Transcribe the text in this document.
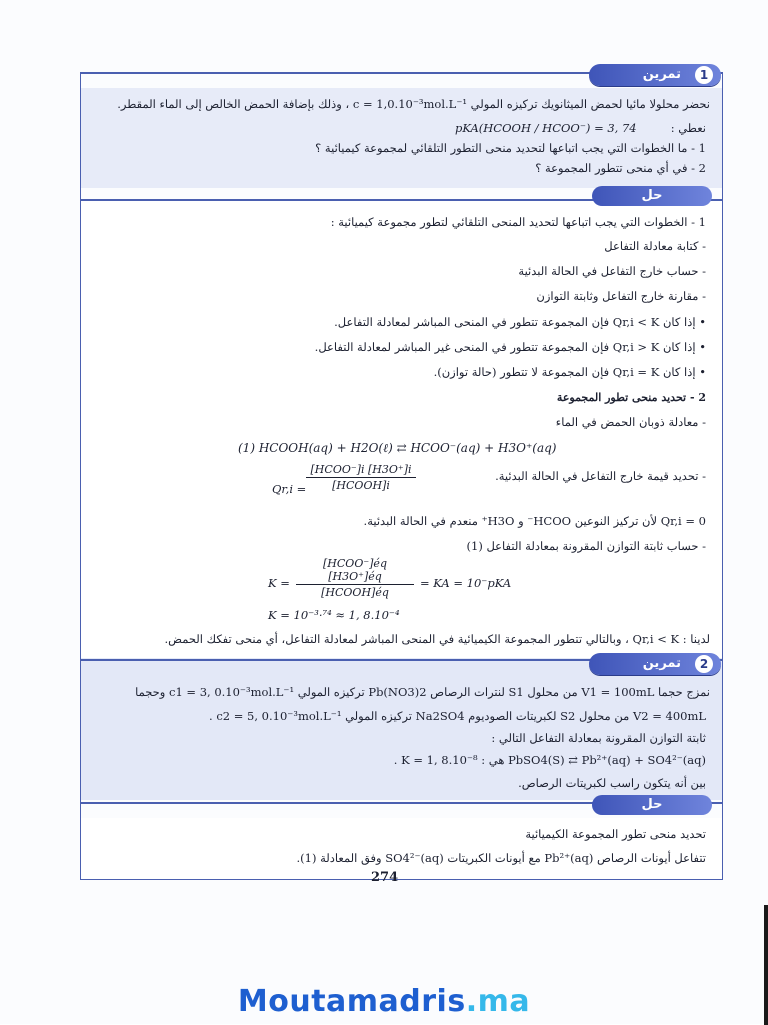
تمرين	1
نحضر محلولا مائيا لحمض الميثانويك تركيزه المولي c = 1,0.10⁻³mol.L⁻¹ ، وذلك بإضافة الحمض الخالص إلى الماء المقطر.
نعطي :
pKA(HCOOH / HCOO⁻) = 3, 74
1 - ما الخطوات التي يجب اتباعها لتحديد منحى التطور التلقائي لمجموعة كيميائية ؟
2 - في أي منحى تتطور المجموعة ؟
حل
1 - الخطوات التي يجب اتباعها لتحديد المنحى التلقائي لتطور مجموعة كيميائية :
- كتابة معادلة التفاعل
- حساب خارج التفاعل في الحالة البدئية
- مقارنة خارج التفاعل وثابتة التوازن
• إذا كان Qr,i < K فإن المجموعة تتطور في المنحى المباشر لمعادلة التفاعل.
• إذا كان Qr,i > K فإن المجموعة تتطور في المنحى غير المباشر لمعادلة التفاعل.
• إذا كان Qr,i = K فإن المجموعة لا تتطور (حالة توازن).
2 - تحديد منحى تطور المجموعة
- معادلة ذوبان الحمض في الماء
(1) HCOOH(aq) + H2O(ℓ) ⇄ HCOO⁻(aq) + H3O⁺(aq)
- تحديد قيمة خارج التفاعل في الحالة البدئية.
Qr,i =
[HCOO⁻]i [H3O⁺]i
[HCOOH]i
Qr,i = 0 لأن تركيز النوعين HCOO⁻ و H3O⁺ منعدم في الحالة البدئية.
- حساب ثابتة التوازن المقرونة بمعادلة التفاعل (1)
K =
[HCOO⁻]éq [H3O⁺]éq
[HCOOH]éq
= KA = 10⁻pKA
K = 10⁻³·⁷⁴ ≈ 1, 8.10⁻⁴
لدينا : Qr,i < K ، وبالتالي تتطور المجموعة الكيميائية في المنحى المباشر لمعادلة التفاعل، أي منحى تفكك الحمض.
تمرين	2
نمزج حجما V1 = 100mL من محلول S1 لنترات الرصاص Pb(NO3)2 تركيزه المولي c1 = 3, 0.10⁻³mol.L⁻¹ وحجما
V2 = 400mL من محلول S2 لكبريتات الصوديوم Na2SO4 تركيزه المولي c2 = 5, 0.10⁻³mol.L⁻¹ .
ثابتة التوازن المقرونة بمعادلة التفاعل التالي :
PbSO4(S) ⇄ Pb²⁺(aq) + SO4²⁻(aq) هي : K = 1, 8.10⁻⁸ .
بين أنه يتكون راسب لكبريتات الرصاص.
حل
تحديد منحى تطور المجموعة الكيميائية
تتفاعل أيونات الرصاص Pb²⁺(aq) مع أيونات الكبريتات SO4²⁻(aq) وفق المعادلة (1).
274
Moutamadris.ma
